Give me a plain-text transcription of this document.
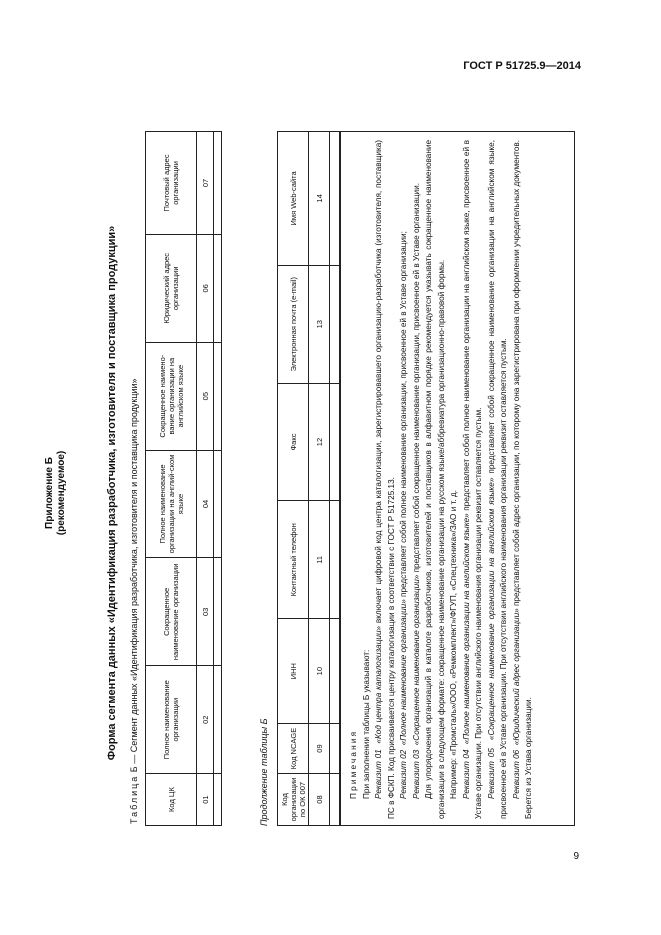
ГОСТ Р 51725.9—2014
Приложение Б (рекомендуемое)	Форма сегмента данных «Идентификация разработчика, изготовителя и поставщика продукции»
Таблица Б — Сегмент данных «Идентификация разработчика, изготовителя и поставщика продукции»
Код ЦК	Полное наименование организации	Сокращенное наименование организации	Полное наименование организации на англий-ском языке	Сокращенное наимено-вание организации на английском языке	Юридический адрес организации	Почтовый адрес организации
01	02	03	04	05	06	07

Продолжение таблицы Б Код организации по ОК 007	Код NCAGE	ИНН	Контактный телефон	Факс	Электронная почта (e-mail)	Имя Web-сайта
08	09	10	11	12	13	14

Примечания При заполнении таблицы Б указывают: Реквизит 01  «Код центра каталогизации» включает цифровой код центра каталогизации, зарегистрировавшего организацию-разработчика (изготовителя, поставщика) ПС в ФСКП. Код присваивается центру каталогизации в соответствии с ГОСТ Р 51725.13. Реквизит 02  «Полное наименование организации» представляет собой полное наименование организации, присвоенное ей в Уставе организации;

Реквизит 03  «Сокращенное наименование организации» представляет собой сокращенное наименование организации, присвоенное ей в Уставе организации. Для упорядочения организаций в каталоге разработчиков, изготовителей и поставщиков в алфавитном порядке рекомендуется указывать сокращенное наименование организации в следующем формате: сокращенное наименование организации на русском языке/аббревиатура организационно-правовой формы. Например: «Промсталь»/ООО, «Ремкомплект»/ФГУП, «Спецтехника»/ЗАО и т. д. Реквизит 04  «Полное наименование организации на английском языке» представляет собой полное наименование организации на английском языке, присвоенное ей в Уставе организации. При отсутствии английского наименования организации реквизит оставляется пустым. Реквизит 05  «Сокращенное наименование организации на английском языке» представляет собой сокращенное наименование организации на английском языке, присвоенное ей в Уставе организации. При отсутствии английского наименования организации реквизит оставляется пустым. Реквизит 06  «Юридический адрес организации» представляет собой адрес организации, по которому она зарегистрирована при оформлении учредительных документов. Берется из Устава организации.

9
